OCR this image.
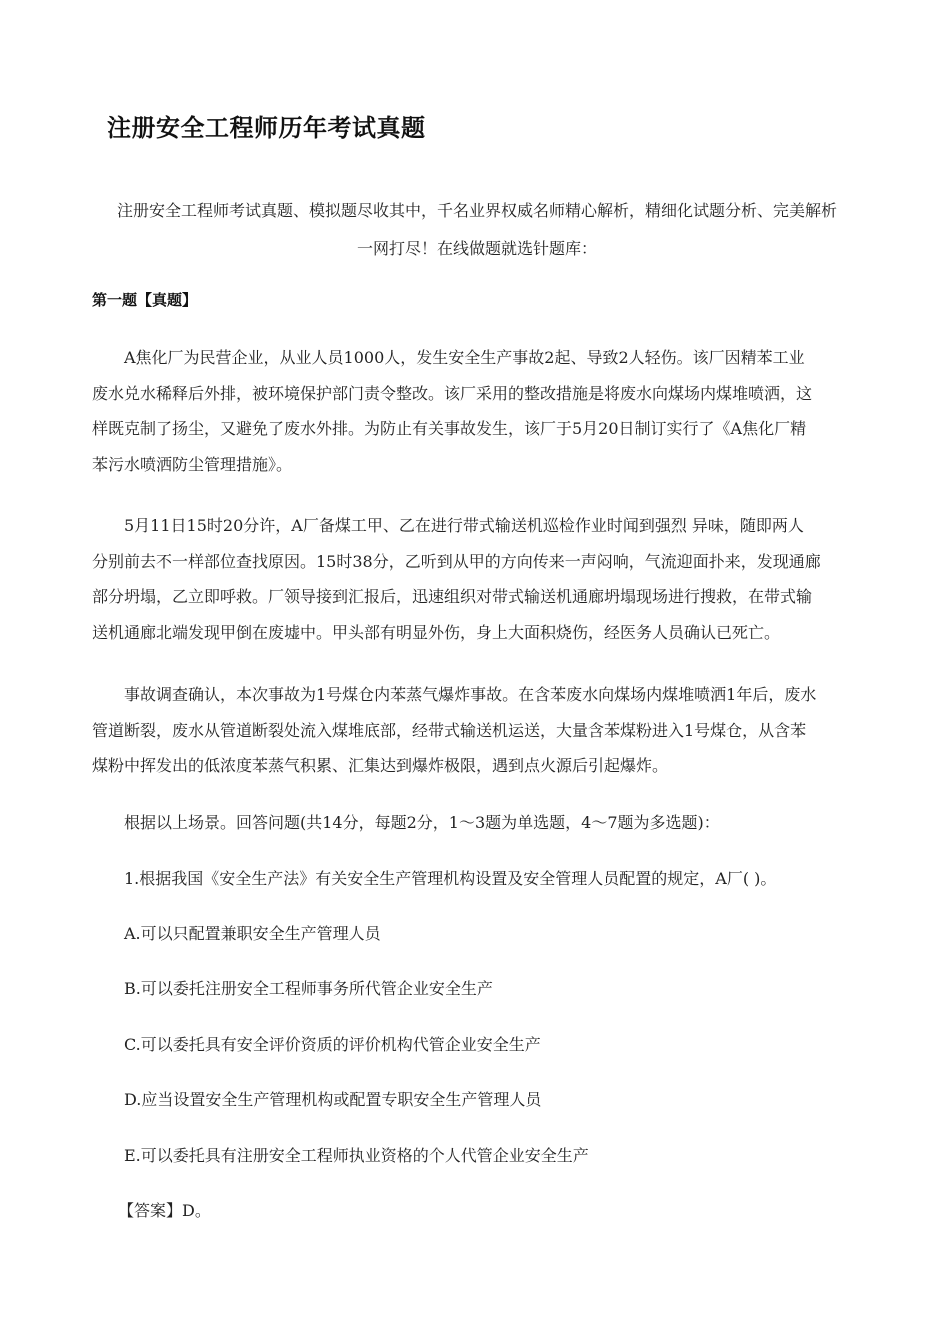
注册安全工程师历年考试真题
注册安全工程师考试真题、模拟题尽收其中，千名业界权威名师精心解析，精细化试题分析、完美解析
一网打尽！在线做题就选针题库：
第一题【真题】
A焦化厂为民营企业，从业人员1000人，发生安全生产事故2起、导致2人轻伤。该厂因精苯工业
废水兑水稀释后外排，被环境保护部门责令整改。该厂采用的整改措施是将废水向煤场内煤堆喷洒，这
样既克制了扬尘，又避免了废水外排。为防止有关事故发生，该厂于5月20日制订实行了《A焦化厂精
苯污水喷洒防尘管理措施》。
5月11日15时20分许，A厂备煤工甲、乙在进行带式输送机巡检作业时闻到强烈 异味，随即两人
分别前去不一样部位查找原因。15时38分，乙听到从甲的方向传来一声闷响，气流迎面扑来，发现通廊
部分坍塌，乙立即呼救。厂领导接到汇报后，迅速组织对带式输送机通廊坍塌现场进行搜救，在带式输
送机通廊北端发现甲倒在废墟中。甲头部有明显外伤，身上大面积烧伤，经医务人员确认已死亡。
事故调查确认，本次事故为1号煤仓内苯蒸气爆炸事故。在含苯废水向煤场内煤堆喷洒1年后，废水
管道断裂，废水从管道断裂处流入煤堆底部，经带式输送机运送，大量含苯煤粉进入1号煤仓，从含苯
煤粉中挥发出的低浓度苯蒸气积累、汇集达到爆炸极限，遇到点火源后引起爆炸。
根据以上场景。回答问题(共14分，每题2分，1～3题为单选题，4～7题为多选题)：
1.根据我国《安全生产法》有关安全生产管理机构设置及安全管理人员配置的规定，A厂( )。
A.可以只配置兼职安全生产管理人员
B.可以委托注册安全工程师事务所代管企业安全生产
C.可以委托具有安全评价资质的评价机构代管企业安全生产
D.应当设置安全生产管理机构或配置专职安全生产管理人员
E.可以委托具有注册安全工程师执业资格的个人代管企业安全生产
【答案】D。
